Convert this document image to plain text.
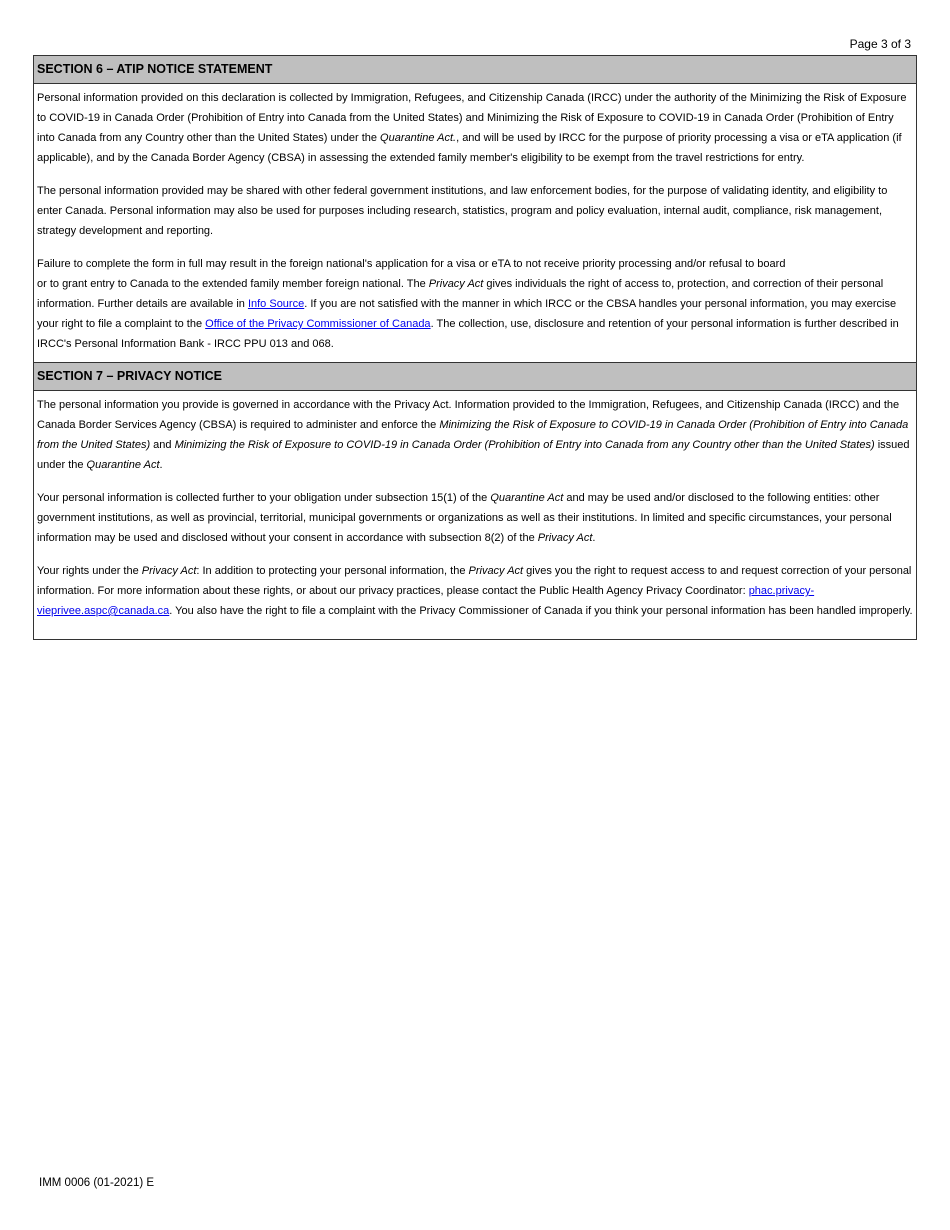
Page 3 of 3
SECTION 6 – ATIP NOTICE STATEMENT

Personal information provided on this declaration is collected by Immigration, Refugees, and Citizenship Canada (IRCC) under the authority of the Minimizing the Risk of Exposure to COVID-19 in Canada Order (Prohibition of Entry into Canada from the United States) and Minimizing the Risk of Exposure to COVID-19 in Canada Order (Prohibition of Entry into Canada from any Country other than the United States) under the Quarantine Act., and will be used by IRCC for the purpose of priority processing a visa or eTA application (if applicable), and by the Canada Border Agency (CBSA) in assessing the extended family member's eligibility to be exempt from the travel restrictions for entry.

The personal information provided may be shared with other federal government institutions, and law enforcement bodies, for the purpose of validating identity, and eligibility to enter Canada. Personal information may also be used for purposes including research, statistics, program and policy evaluation, internal audit, compliance, risk management, strategy development and reporting.

Failure to complete the form in full may result in the foreign national's application for a visa or eTA to not receive priority processing and/or refusal to board
or to grant entry to Canada to the extended family member foreign national. The Privacy Act gives individuals the right of access to, protection, and correction of their personal information. Further details are available in Info Source. If you are not satisfied with the manner in which IRCC or the CBSA handles your personal information, you may exercise your right to file a complaint to the Office of the Privacy Commissioner of Canada. The collection, use, disclosure and retention of your personal information is further described in IRCC's Personal Information Bank - IRCC PPU 013 and 068.

SECTION 7 – PRIVACY NOTICE

The personal information you provide is governed in accordance with the Privacy Act. Information provided to the Immigration, Refugees, and Citizenship Canada (IRCC) and the Canada Border Services Agency (CBSA) is required to administer and enforce the Minimizing the Risk of Exposure to COVID-19 in Canada Order (Prohibition of Entry into Canada from the United States) and Minimizing the Risk of Exposure to COVID-19 in Canada Order (Prohibition of Entry into Canada from any Country other than the United States) issued under the Quarantine Act.

Your personal information is collected further to your obligation under subsection 15(1) of the Quarantine Act and may be used and/or disclosed to the following entities: other government institutions, as well as provincial, territorial, municipal governments or organizations as well as their institutions. In limited and specific circumstances, your personal information may be used and disclosed without your consent in accordance with subsection 8(2) of the Privacy Act.

Your rights under the Privacy Act: In addition to protecting your personal information, the Privacy Act gives you the right to request access to and request correction of your personal information. For more information about these rights, or about our privacy practices, please contact the Public Health Agency Privacy Coordinator: phac.privacy-vieprivee.aspc@canada.ca. You also have the right to file a complaint with the Privacy Commissioner of Canada if you think your personal information has been handled improperly.

IMM 0006 (01-2021) E
